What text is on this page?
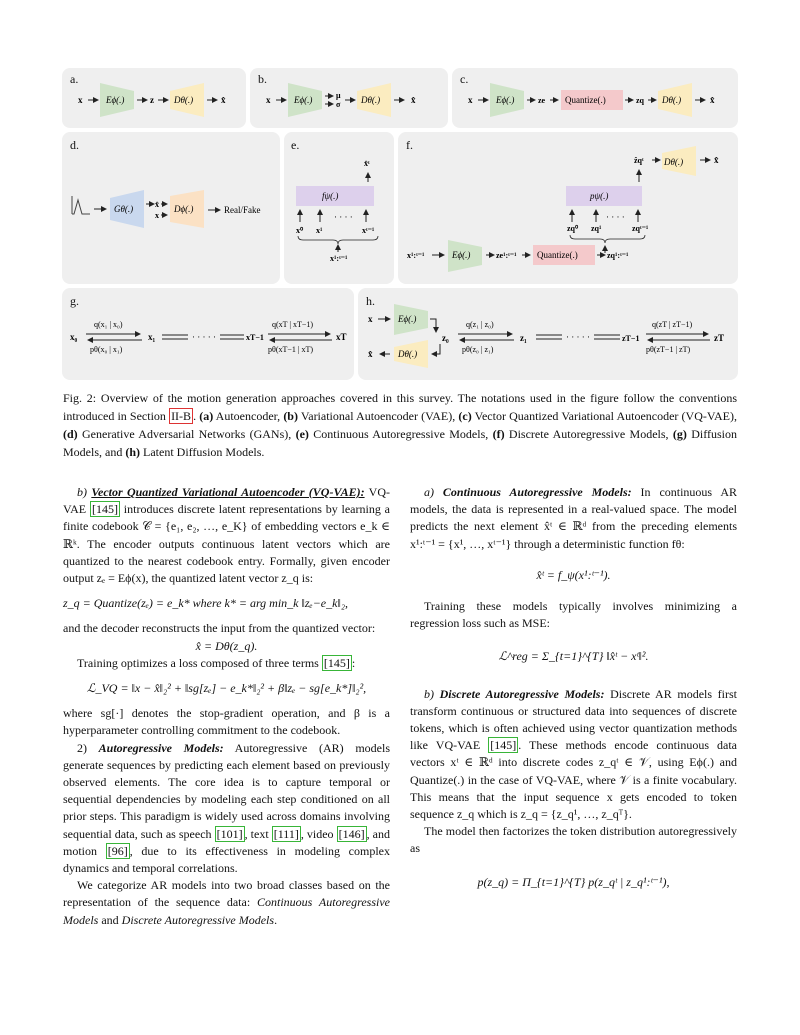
a.	b.	c.
d.	e.	f.
g.	h.
x	Eϕ(.)	z Dθ(.)	x̂	x	Eϕ(.)	μ
σ Dθ(.)	x̂	x	Eϕ(.)	ze Quantize(.)	zq Dθ(.)	x̂
Gθ(.)	x̂
x
Dϕ(.)	Real/Fake
x̂ᵗ
fψ(.)
· · · ·
x⁰ x¹	xᵗ⁻¹
x¹:ᵗ⁻¹
ẑqᵗ Dθ(.)	x̂
pψ(.)
· · · ·
zq⁰ zq¹	zqᵗ⁻¹
x¹:ᵗ⁻¹	Eϕ(.)	ze¹:ᵗ⁻¹ Quantize(.)	zq¹:ᵗ⁻¹
x₀
q(x₁ | x₀)
pθ(x₀ | x₁)
x₁	· · · · ·	xT−1
q(xT | xT−1)
pθ(xT−1 | xT)
xT
x	Eϕ(.)
x̂	Dθ(.)
z₀
q(z₁ | z₀)
pθ(z₀ | z₁)
z₁	· · · · ·	zT−1
q(zT | zT−1)
pθ(zT−1 | zT)
zT
Fig. 2: Overview of the motion generation approaches covered in this survey. The notations used in the figure follow the conventions introduced in Section II-B . (a) Autoencoder, (b) Variational Autoencoder (VAE), (c) Vector Quantized Variational Autoencoder (VQ-VAE), (d) Generative Adversarial Networks (GANs), (e) Continuous Autoregressive Models, (f) Discrete Autoregressive Models, (g) Diffusion Models, and (h) Latent Diffusion Models.

b) Vector Quantized Variational Autoencoder (VQ-VAE): VQ-VAE [145] introduces discrete latent representations by learning a finite codebook 𝒞 = {e₁, e₂, …, e_K} of embedding vectors e_k ∈ ℝᵏ. The encoder outputs continuous latent vectors which are quantized to the nearest codebook entry. Formally, given encoder output zₑ = Eϕ(x), the quantized latent vector z_q is:

z_q = Quantize(zₑ) = e_k* where k* = arg min_k ‖zₑ−e_k‖₂,

and the decoder reconstructs the input from the quantized vector:

x̂ = Dθ(z_q).

Training optimizes a loss composed of three terms [145] :

ℒ_VQ = ‖x − x̂‖₂² + ‖sg[zₑ] − e_k*‖₂² + β‖zₑ − sg[e_k*]‖₂²,

where sg[·] denotes the stop-gradient operation, and β is a hyperparameter controlling commitment to the codebook.

2) Autoregressive Models: Autoregressive (AR) models generate sequences by predicting each element based on previously observed elements. The core idea is to capture temporal or sequential dependencies by modeling each step conditioned on all prior steps. This paradigm is widely used across domains involving sequential data, such as speech [101] , text [111] , video [146] , and motion [96] , due to its effectiveness in modeling complex dynamics and temporal correlations.

We categorize AR models into two broad classes based on the representation of the sequence data: Continuous Autoregressive Models and Discrete Autoregressive Models.

a) Continuous Autoregressive Models: In continuous AR models, the data is represented in a real-valued space. The model predicts the next element x̂ᵗ ∈ ℝᵈ from the preceding elements x¹:ᵗ⁻¹ = {x¹, …, xᵗ⁻¹} through a deterministic function fθ:

x̂ᵗ = f_ψ(x¹:ᵗ⁻¹).

Training these models typically involves minimizing a regression loss such as MSE:

ℒ^reg = Σ_{t=1}^{T} ‖x̂ᵗ − xᵗ‖².

b) Discrete Autoregressive Models: Discrete AR models first transform continuous or structured data into sequences of discrete tokens, which is often achieved using vector quantization methods like VQ-VAE [145] . These methods encode continuous data vectors xᵗ ∈ ℝᵈ into discrete codes z_qᵗ ∈ 𝒱, using Eϕ(.) and Quantize(.) in the case of VQ-VAE, where 𝒱 is a finite vocabulary. This means that the input sequence x gets encoded to token sequence z_q which is z_q = {z_q¹, …, z_qᵀ}.

The model then factorizes the token distribution autoregressively as

p(z_q) = Π_{t=1}^{T} p(z_qᵗ | z_q¹:ᵗ⁻¹),
